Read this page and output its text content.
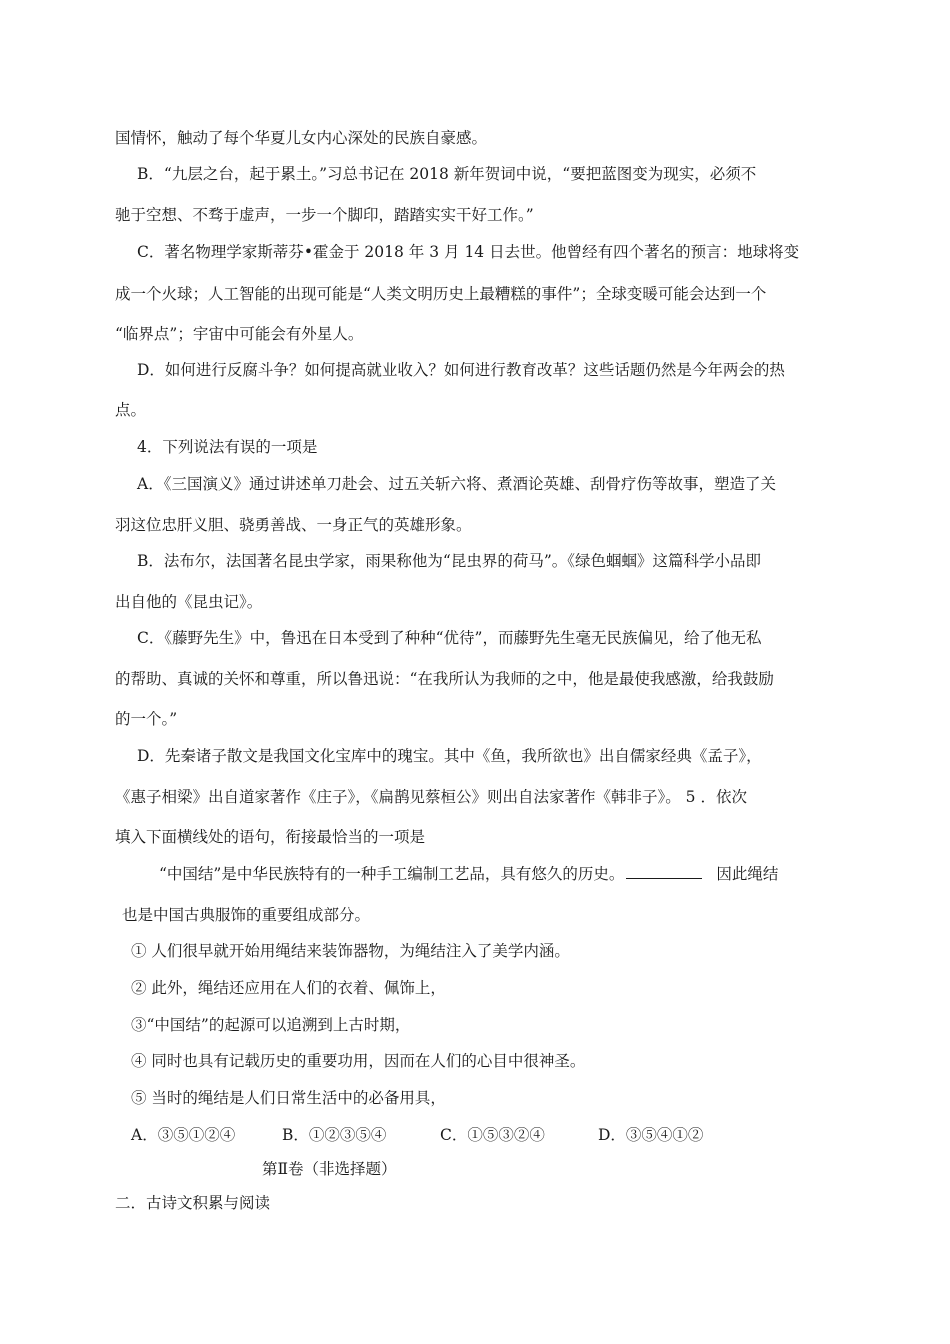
国情怀，触动了每个华夏儿女内心深处的民族自豪感。
B．“九层之台，起于累土。”习总书记在 2018 新年贺词中说，“要把蓝图变为现实，必须不
驰于空想、不骛于虚声，一步一个脚印，踏踏实实干好工作。”
C．著名物理学家斯蒂芬•霍金于 2018 年 3 月 14 日去世。他曾经有四个著名的预言：地球将变
成一个火球；人工智能的出现可能是“人类文明历史上最糟糕的事件”；全球变暖可能会达到一个
“临界点”；宇宙中可能会有外星人。
D．如何进行反腐斗争？如何提高就业收入？如何进行教育改革？这些话题仍然是今年两会的热
点。
4．下列说法有误的一项是
A．《三国演义》通过讲述单刀赴会、过五关斩六将、煮酒论英雄、刮骨疗伤等故事，塑造了关
羽这位忠肝义胆、骁勇善战、一身正气的英雄形象。
B．法布尔，法国著名昆虫学家，雨果称他为“昆虫界的荷马”。《绿色蝈蝈》这篇科学小品即
出自他的《昆虫记》。
C．《藤野先生》中，鲁迅在日本受到了种种“优待”，而藤野先生毫无民族偏见，给了他无私
的帮助、真诚的关怀和尊重，所以鲁迅说：“在我所认为我师的之中，他是最使我感激，给我鼓励
的一个。”
D．先秦诸子散文是我国文化宝库中的瑰宝。其中《鱼，我所欲也》出自儒家经典《孟子》，
《惠子相梁》出自道家著作《庄子》，《扁鹊见蔡桓公》则出自法家著作《韩非子》。 5 ．依次
填入下面横线处的语句，衔接最恰当的一项是
“中国结”是中华民族特有的一种手工编制工艺品，具有悠久的历史。	因此绳结
也是中国古典服饰的重要组成部分。
① 人们很早就开始用绳结来装饰器物，为绳结注入了美学内涵。
② 此外，绳结还应用在人们的衣着、佩饰上，
③“中国结”的起源可以追溯到上古时期，
④ 同时也具有记载历史的重要功用，因而在人们的心目中很神圣。
⑤ 当时的绳结是人们日常生活中的必备用具，
A．③⑤①②④	B．①②③⑤④	C．①⑤③②④	D．③⑤④①②
第Ⅱ卷（非选择题）
二．古诗文积累与阅读
